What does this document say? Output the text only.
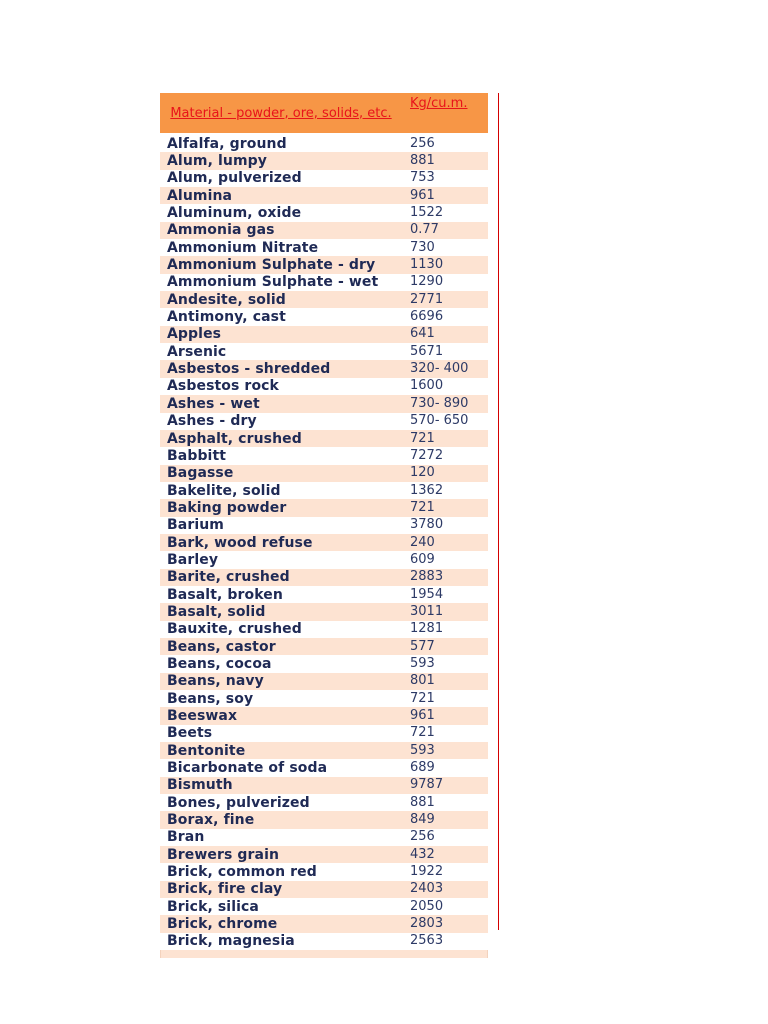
Material - powder, ore, solids, etc.	Kg/cu.m.
Alfalfa, ground	256
Alum, lumpy	881
Alum, pulverized	753
Alumina	961
Aluminum, oxide	1522
Ammonia gas	0.77
Ammonium Nitrate	730
Ammonium Sulphate - dry	1130
Ammonium Sulphate - wet	1290
Andesite, solid	2771
Antimony, cast	6696
Apples	641
Arsenic	5671
Asbestos - shredded	320- 400
Asbestos rock	1600
Ashes - wet	730- 890
Ashes - dry	570- 650
Asphalt, crushed	721
Babbitt	7272
Bagasse	120
Bakelite, solid	1362
Baking powder	721
Barium	3780
Bark, wood refuse	240
Barley	609
Barite, crushed	2883
Basalt, broken	1954
Basalt, solid	3011
Bauxite, crushed	1281
Beans, castor	577
Beans, cocoa	593
Beans, navy	801
Beans, soy	721
Beeswax	961
Beets	721
Bentonite	593
Bicarbonate of soda	689
Bismuth	9787
Bones, pulverized	881
Borax, fine	849
Bran	256
Brewers grain	432
Brick, common red	1922
Brick, fire clay	2403
Brick, silica	2050
Brick, chrome	2803
Brick, magnesia	2563
